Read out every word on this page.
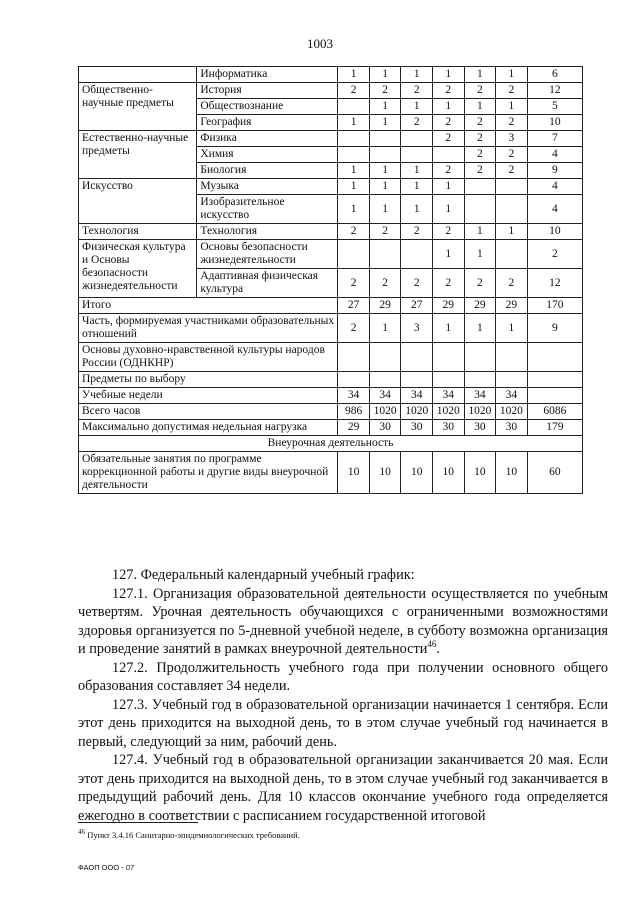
1003
	Информатика	1	1	1	1	1	1	6
Общественно-научные предметы	История	2	2	2	2	2	2	12
	Обществознание		1	1	1	1	1	5
	География	1	1	2	2	2	2	10
Естественно-научные предметы	Физика				2	2	3	7
	Химия					2	2	4
	Биология	1	1	1	2	2	2	9
Искусство	Музыка	1	1	1	1			4
	Изобразительное искусство	1	1	1	1			4
Технология	Технология	2	2	2	2	1	1	10
Физическая культура и Основы безопасности жизнедеятельности	Основы безопасности жизнедеятельности				1	1		2
	Адаптивная физическая культура	2	2	2	2	2	2	12
Итого		27	29	27	29	29	29	170
Часть, формируемая участниками образовательных отношений		2	1	3	1	1	1	9
Основы духовно-нравственной культуры народов России (ОДНКНР)								
Предметы по выбору								
Учебные недели		34	34	34	34	34	34	
Всего часов		986	1020	1020	1020	1020	1020	6086
Максимально допустимая недельная нагрузка		29	30	30	30	30	30	179
Внеурочная деятельность								
Обязательные занятия по программе коррекционной работы и другие виды внеурочной деятельности		10	10	10	10	10	10	60

127. Федеральный календарный учебный график:

127.1. Организация образовательной деятельности осуществляется по учебным четвертям. Урочная деятельность обучающихся с ограниченными возможностями здоровья организуется по 5-дневной учебной неделе, в субботу возможна организация и проведение занятий в рамках внеурочной деятельности$^{46}$.

127.2. Продолжительность учебного года при получении основного общего образования составляет 34 недели.

127.3. Учебный год в образовательной организации начинается 1 сентября. Если этот день приходится на выходной день, то в этом случае учебный год начинается в первый, следующий за ним, рабочий день.

127.4. Учебный год в образовательной организации заканчивается 20 мая. Если этот день приходится на выходной день, то в этом случае учебный год заканчивается в предыдущий рабочий день. Для 10 классов окончание учебного года определяется ежегодно в соответствии с расписанием государственной итоговой

$^{46}$ Пункт 3.4.16 Санитарно-эпидемиологических требований.
ФАОП ООО - 07
